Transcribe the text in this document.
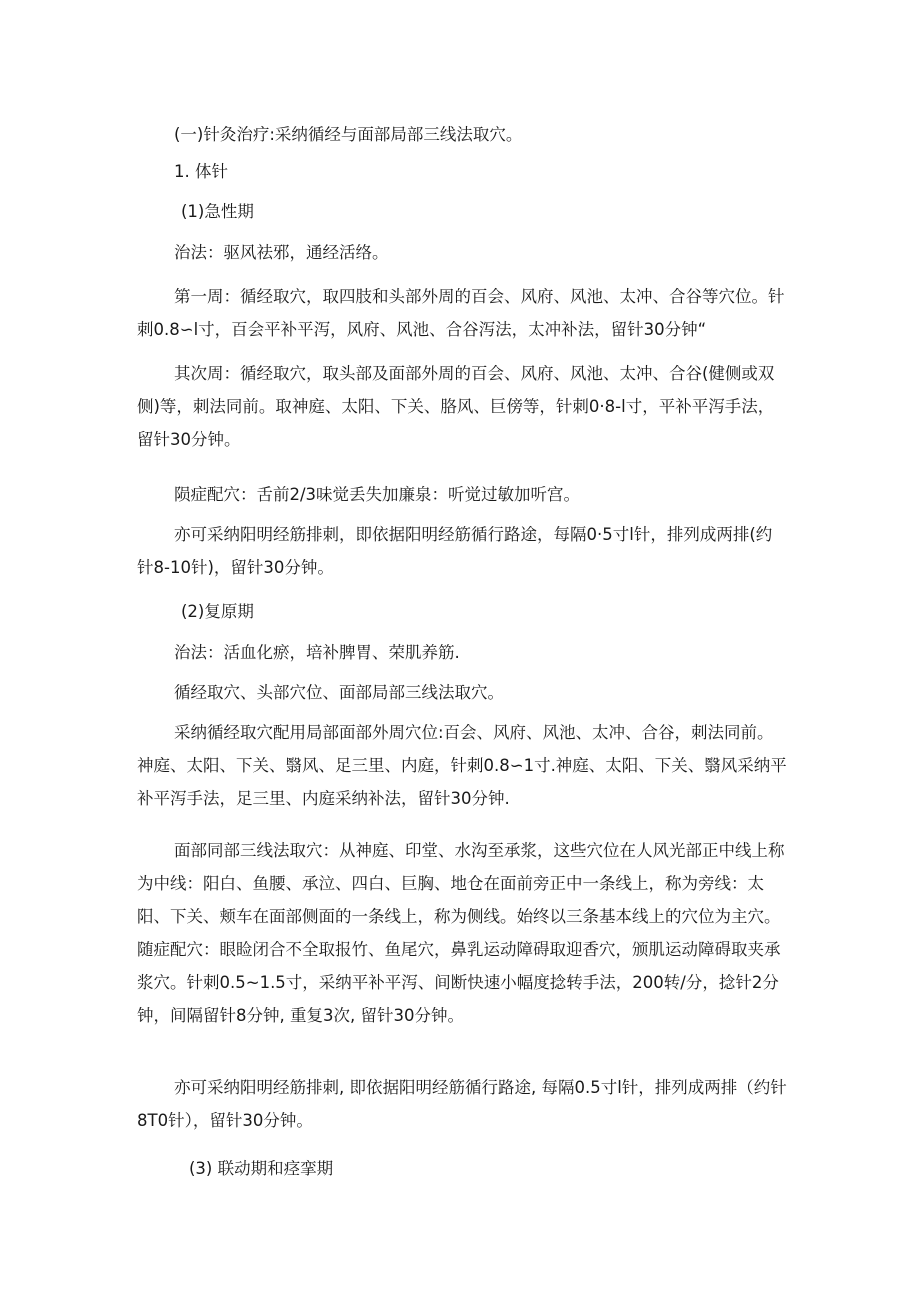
(一)针灸治疗:采纳循经与面部局部三线法取穴。

1. 体针

(1)急性期

治法：驱风祛邪，通经活络。

第一周：循经取穴，取四肢和头部外周的百会、风府、风池、太冲、合谷等穴位。针刺0.8∽l寸，百会平补平泻，风府、风池、合谷泻法，太冲补法，留针30分钟“

其次周：循经取穴，取头部及面部外周的百会、风府、风池、太冲、合谷(健侧或双侧)等，刺法同前。取神庭、太阳、下关、胳风、巨傍等，针刺0·8-l寸，平补平泻手法，留针30分钟。

陨症配穴：舌前2/3味觉丢失加廉泉：听觉过敏加听宫。

亦可采纳阳明经筋排刺，即依据阳明经筋循行路途，每隔0·5寸l针，排列成两排(约针8-10针)，留针30分钟。

(2)复原期

治法：活血化瘀，培补脾胃、荣肌养筋.

循经取穴、头部穴位、面部局部三线法取穴。

采纳循经取穴配用局部面部外周穴位:百会、风府、风池、太冲、合谷，刺法同前。神庭、太阳、下关、翳风、足三里、内庭，针刺0.8∽1寸.神庭、太阳、下关、翳风采纳平补平泻手法，足三里、内庭采纳补法，留针30分钟.

面部同部三线法取穴：从神庭、印堂、水沟至承浆，这些穴位在人风光部正中线上称为中线：阳白、鱼腰、承泣、四白、巨胸、地仓在面前旁正中一条线上，称为旁线：太阳、下关、颊车在面部侧面的一条线上，称为侧线。始终以三条基本线上的穴位为主穴。随症配穴：眼睑闭合不全取报竹、鱼尾穴，鼻乳运动障碍取迎香穴，颁肌运动障碍取夹承浆穴。针刺0.5~1.5寸，采纳平补平泻、间断快速小幅度捻转手法，200转/分，捻针2分钟，间隔留针8分钟, 重复3次, 留针30分钟。

亦可采纳阳明经筋排刺, 即依据阳明经筋循行路途, 每隔0.5寸l针，排列成两排（约针8T0针），留针30分钟。

(3) 联动期和痉挛期
